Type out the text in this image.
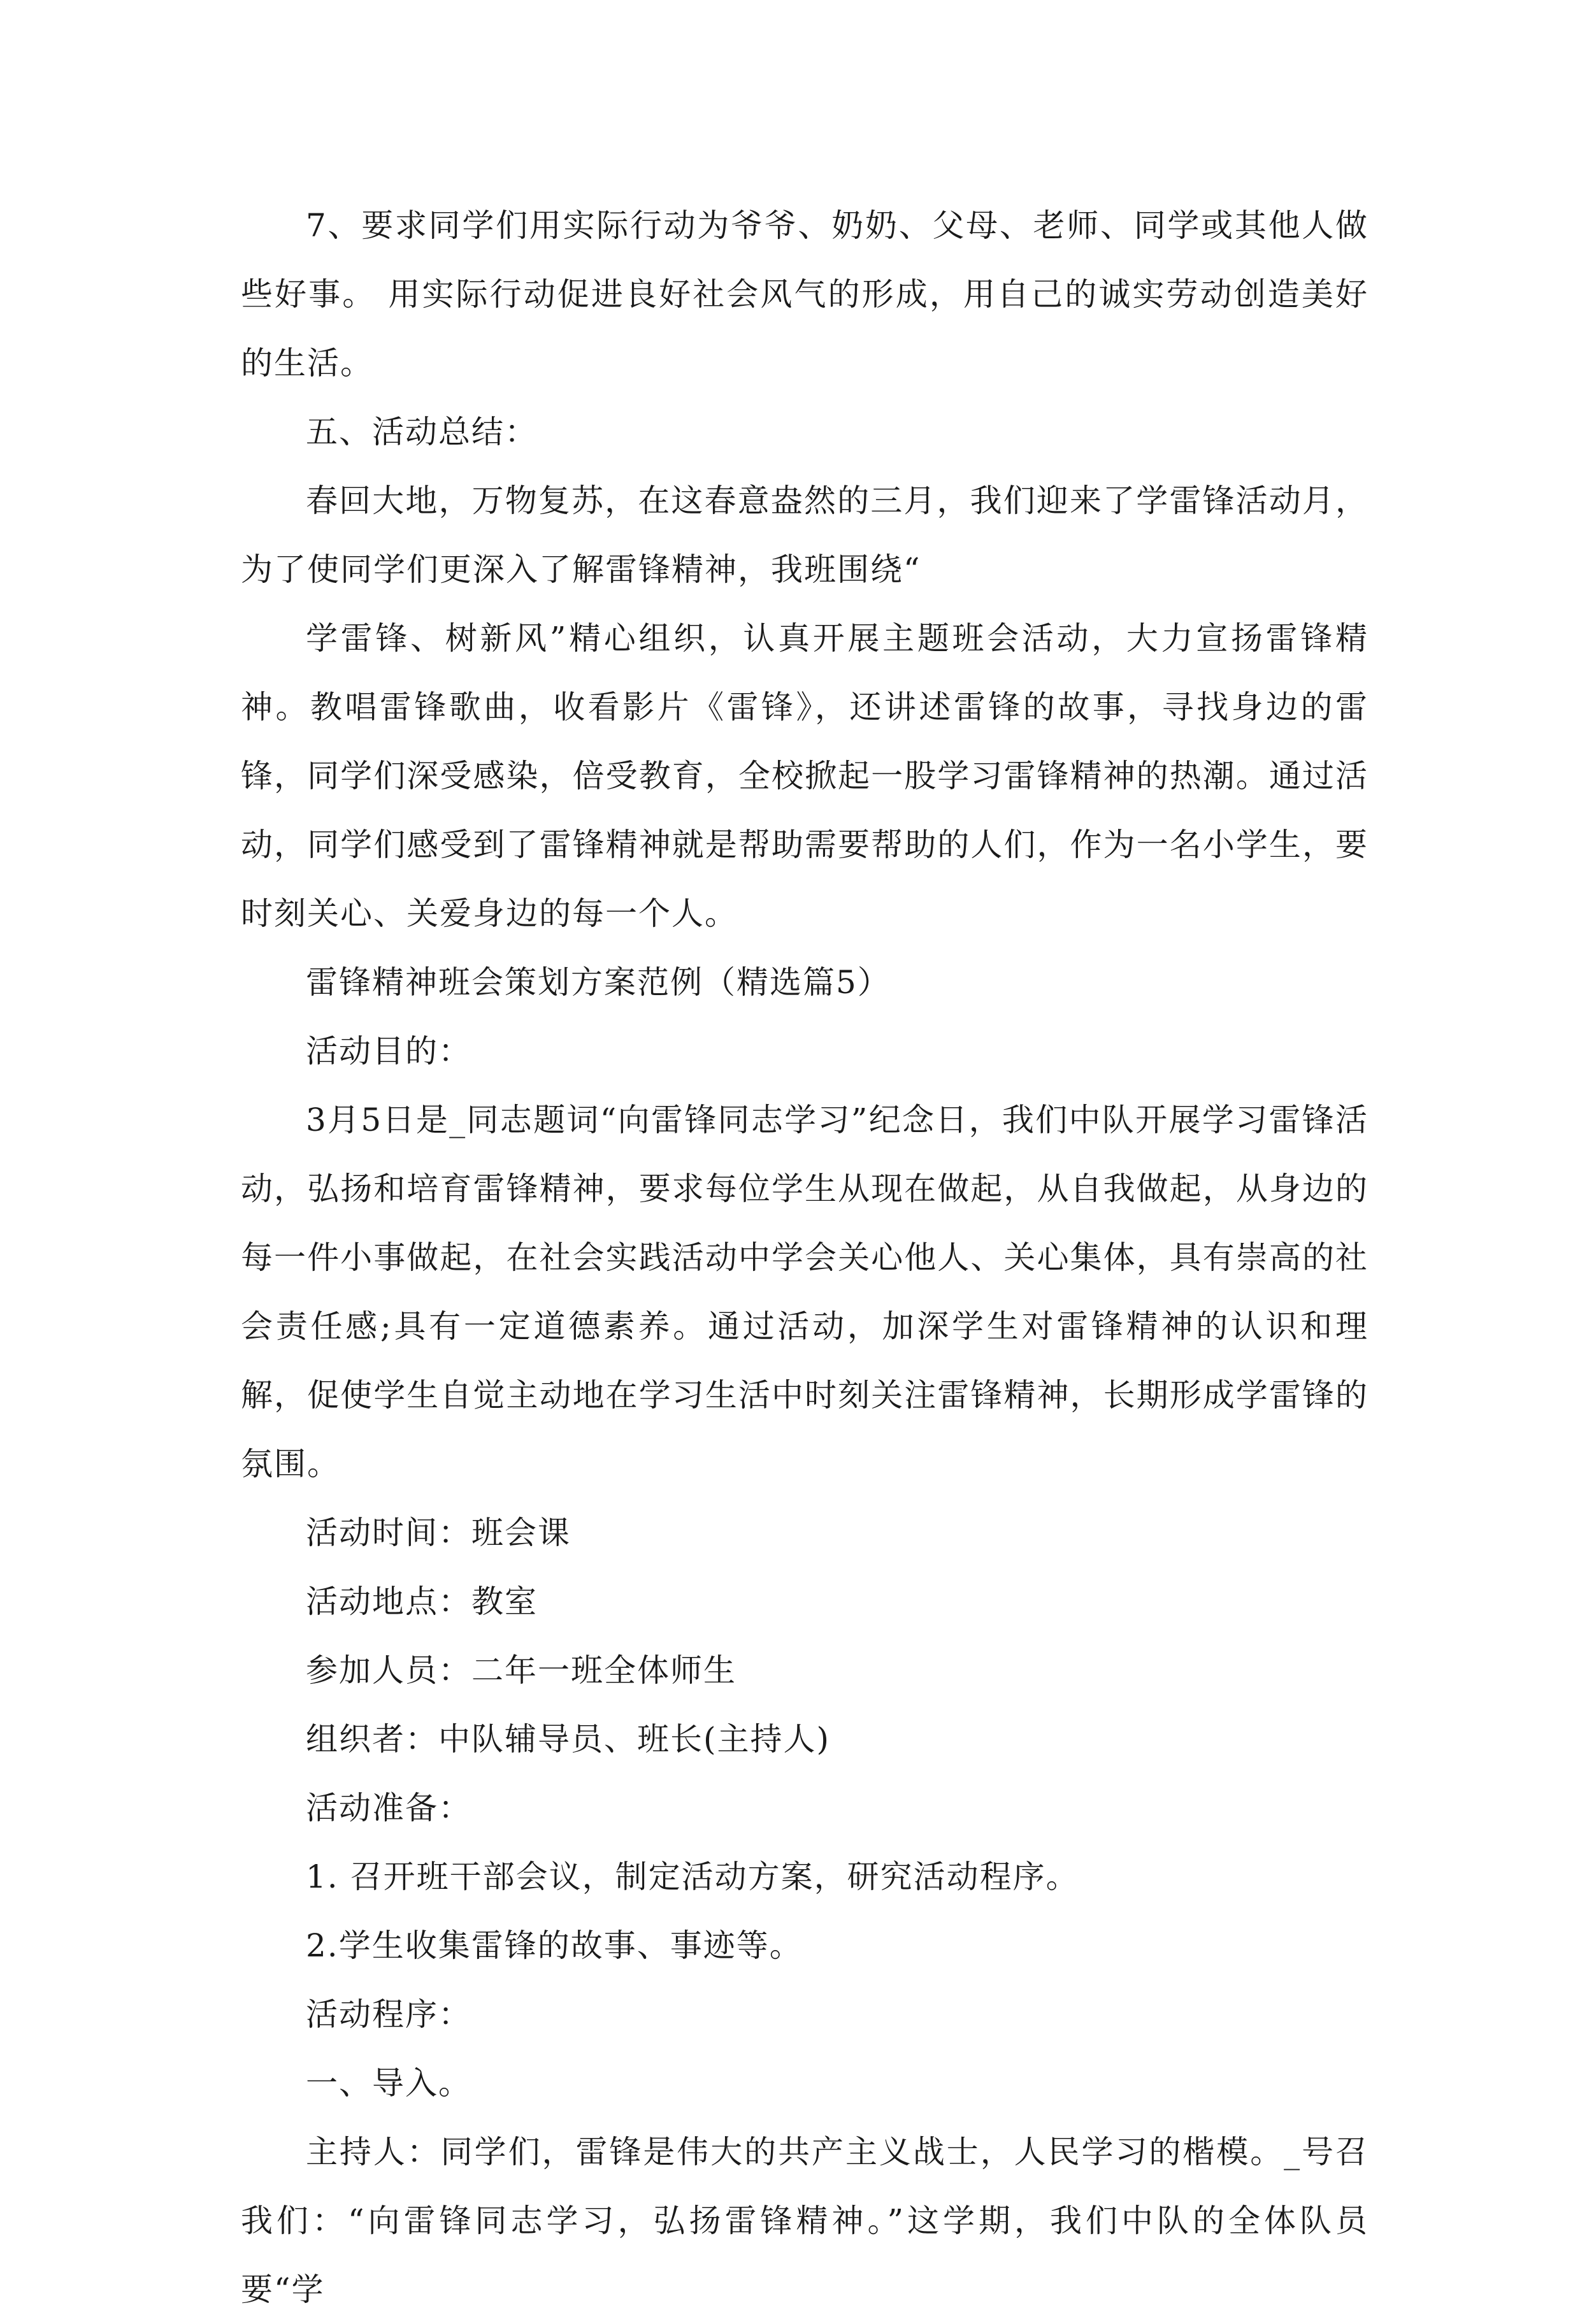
7、要求同学们用实际行动为爷爷、奶奶、父母、老师、同学或其他人做些好事。 用实际行动促进良好社会风气的形成，用自己的诚实劳动创造美好的生活。

五、活动总结：

春回大地，万物复苏，在这春意盎然的三月，我们迎来了学雷锋活动月，为了使同学们更深入了解雷锋精神，我班围绕“

学雷锋、树新风”精心组织，认真开展主题班会活动，大力宣扬雷锋精神。教唱雷锋歌曲，收看影片《雷锋》，还讲述雷锋的故事，寻找身边的雷锋，同学们深受感染，倍受教育，全校掀起一股学习雷锋精神的热潮。通过活动，同学们感受到了雷锋精神就是帮助需要帮助的人们，作为一名小学生，要时刻关心、关爱身边的每一个人。

雷锋精神班会策划方案范例（精选篇5）

活动目的：

3月5日是_同志题词“向雷锋同志学习”纪念日，我们中队开展学习雷锋活动，弘扬和培育雷锋精神，要求每位学生从现在做起，从自我做起，从身边的每一件小事做起，在社会实践活动中学会关心他人、关心集体，具有崇高的社会责任感;具有一定道德素养。通过活动，加深学生对雷锋精神的认识和理解，促使学生自觉主动地在学习生活中时刻关注雷锋精神，长期形成学雷锋的氛围。

活动时间：班会课

活动地点：教室

参加人员：二年一班全体师生

组织者：中队辅导员、班长(主持人)

活动准备：

1. 召开班干部会议，制定活动方案，研究活动程序。

2.学生收集雷锋的故事、事迹等。

活动程序：

一、导入。

主持人：同学们，雷锋是伟大的共产主义战士，人民学习的楷模。_号召我们：“向雷锋同志学习，弘扬雷锋精神。”这学期，我们中队的全体队员要“学
